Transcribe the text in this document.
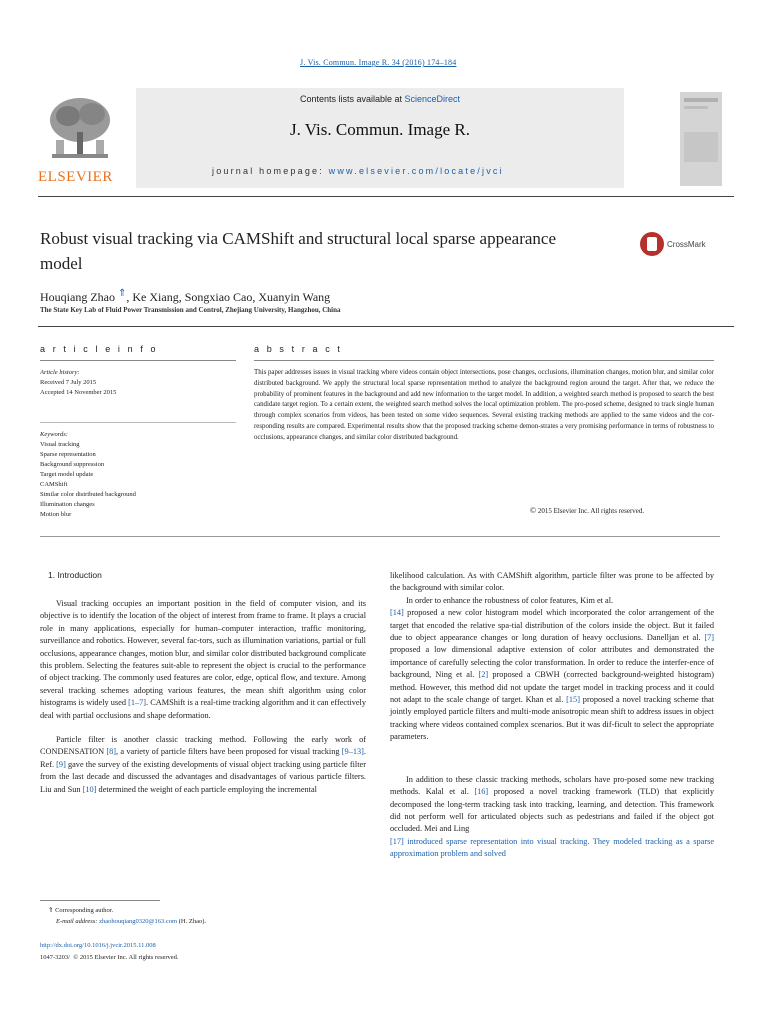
J. Vis. Commun. Image R. 34 (2016) 174–184
ELSEVIER
Contents lists available at ScienceDirect
J. Vis. Commun. Image R.
journal homepage: www.elsevier.com/locate/jvci
Robust visual tracking via CAMShift and structural local sparse appearance model
CrossMark
Houqiang Zhao ⇑, Ke Xiang, Songxiao Cao, Xuanyin Wang
The State Key Lab of Fluid Power Transmission and Control, Zhejiang University, Hangzhou, China
a r t i c l e i n f o
Article history:
Received 7 July 2015
Accepted 14 November 2015
Keywords:
Visual tracking
Sparse representation
Background suppression
Target model update
CAMShift
Similar color distributed background
Illumination changes
Motion blur
a b s t r a c t
This paper addresses issues in visual tracking where videos contain object intersections, pose changes, occlusions, illumination changes, motion blur, and similar color distributed background. We apply the structural local sparse representation method to analyze the background region around the target. After that, we reduce the probability of prominent features in the background and add new information to the target model. In addition, a weighted search method is proposed to search the best candidate target region. To a certain extent, the weighted search method solves the local optimization problem. The pro-posed scheme, designed to track single human through complex scenarios from videos, has been tested on some video sequences. Several existing tracking methods are applied to the same videos and the cor-responding results are compared. Experimental results show that the proposed tracking scheme demon-strates a very promising performance in terms of robustness to occlusions, appearance changes, and similar color distributed background.
© 2015 Elsevier Inc. All rights reserved.
1. Introduction

Visual tracking occupies an important position in the field of computer vision, and its objective is to identify the location of the object of interest from frame to frame. It plays a crucial role in many applications, especially for human–computer interaction, traffic monitoring, surveillance and robotics. However, several fac-tors, such as illumination variations, partial or full occlusions, appearance changes, motion blur, and similar color distributed background complicate this problem. Selecting the features suit-able to represent the object is crucial to the performance of object tracking. The commonly used features are color, edge, optical flow, and texture. Among several tracking schemes adopting various features, the mean shift algorithm using color histograms is widely used [1–7]. CAMShift is a real-time tracking algorithm and it can effectively deal with partial occlusions and shape deformation.

Particle filter is another classic tracking method. Following the early work of CONDENSATION [8], a variety of particle filters have been proposed for visual tracking [9–13]. Ref. [9] gave the survey of the existing developments of visual object tracking using particle filter from the last decade and discussed the advantages and disadvantages of various particle filters. Liu and Sun [10] determined the weight of each particle employing the incremental

likelihood calculation. As with CAMShift algorithm, particle filter was prone to be affected by the background with similar color.

In order to enhance the robustness of color features, Kim et al.
[14] proposed a new color histogram model which incorporated the color arrangement of the target that encoded the relative spa-tial distribution of the colors inside the object. But it failed due to object appearance changes or long duration of heavy occlusions. Danelljan et al. [7] proposed a low dimensional adaptive extension of color attributes and demonstrated the importance of carefully selecting the color transformation. In order to reduce the interfer-ence of background, Ning et al. [2] proposed a CBWH (corrected background-weighted histogram) method. However, this method did not update the target model in tracking process and it could not adapt to the scale change of target. Khan et al. [15] proposed a novel tracking scheme that jointly employed particle filters and multi-mode anisotropic mean shift to address issues in object tracking where videos contained complex scenarios. But it was dif-ficult to select the appropriate parameters.

In addition to these classic tracking methods, scholars have pro-posed some new tracking methods. Kalal et al. [16] proposed a novel tracking framework (TLD) that explicitly decomposed the long-term tracking task into tracking, learning, and detection. This framework did not perform well for articulated objects such as pedestrians and failed if the object got occluded. Mei and Ling
[17] introduced sparse representation into visual tracking. They modeled tracking as a sparse approximation problem and solved

⇑ Corresponding author.
E-mail address: zhaohouqiang0320@163.com (H. Zhao).
http://dx.doi.org/10.1016/j.jvcir.2015.11.008
1047-3203/ © 2015 Elsevier Inc. All rights reserved.
